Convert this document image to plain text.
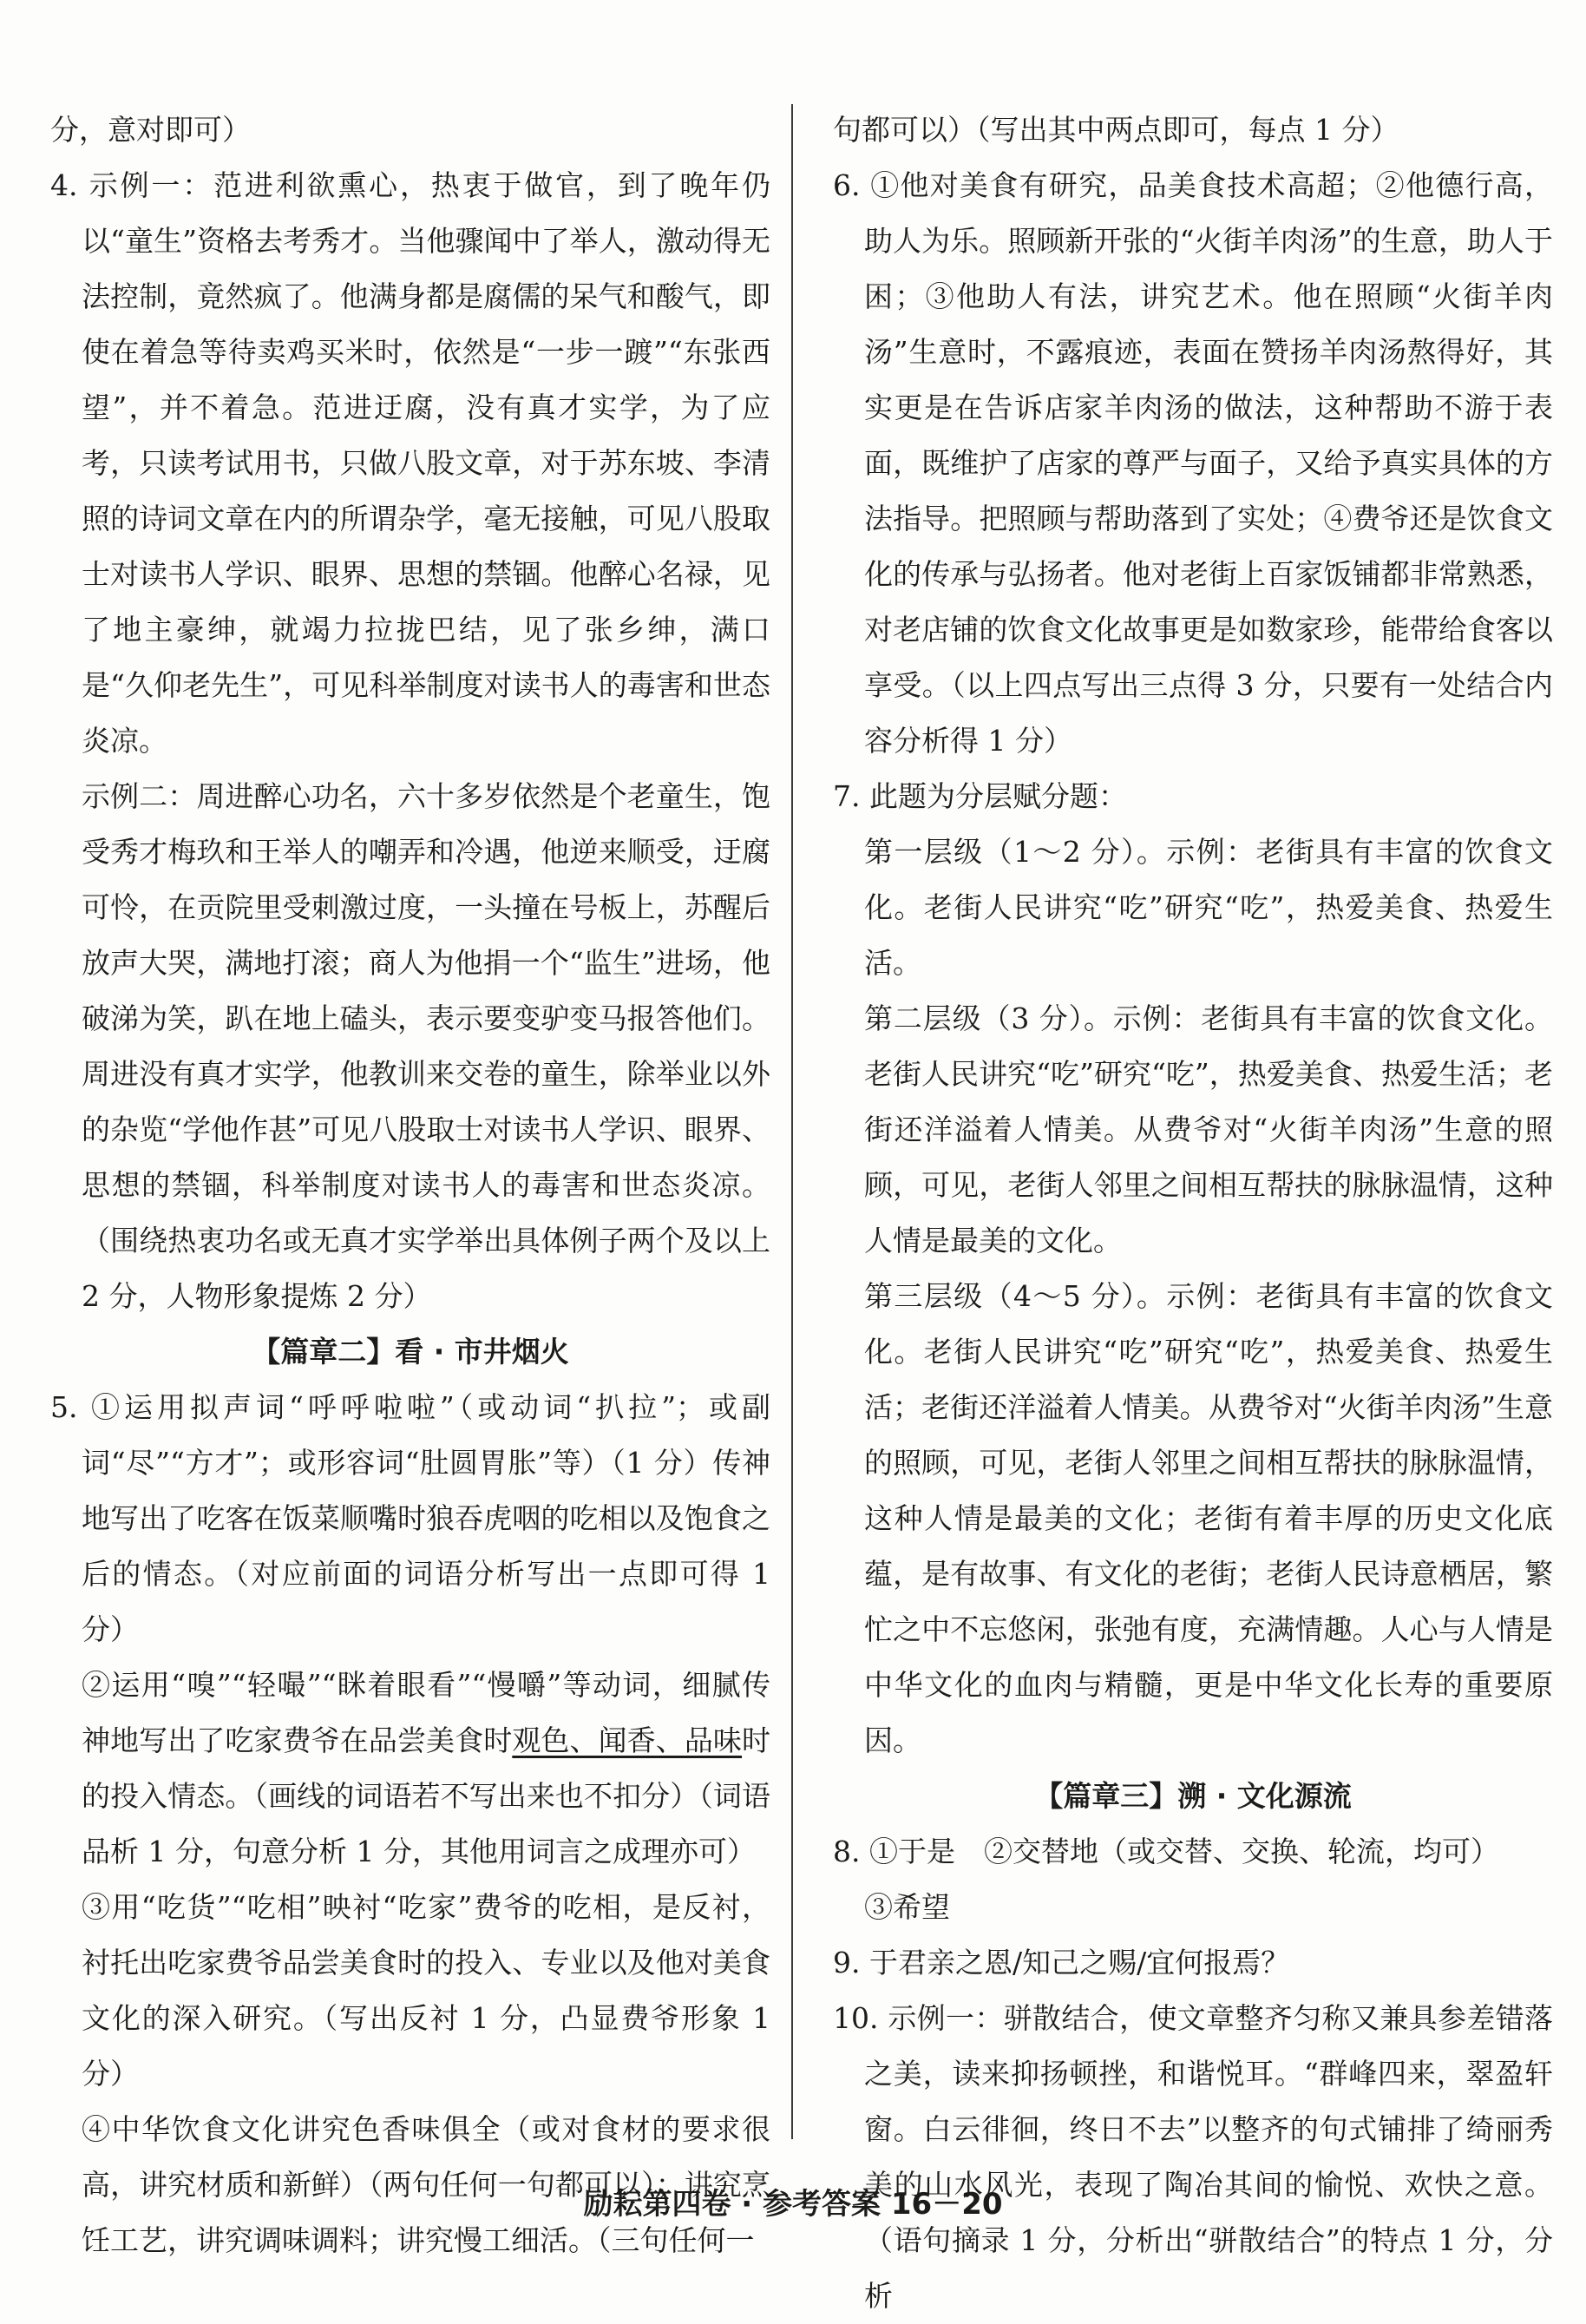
分，意对即可）

4. 示例一：范进利欲熏心，热衷于做官，到了晚年仍以“童生”资格去考秀才。当他骤闻中了举人，激动得无法控制，竟然疯了。他满身都是腐儒的呆气和酸气，即使在着急等待卖鸡买米时，依然是“一步一踱”“东张西望”，并不着急。范进迂腐，没有真才实学，为了应考，只读考试用书，只做八股文章，对于苏东坡、李清照的诗词文章在内的所谓杂学，毫无接触，可见八股取士对读书人学识、眼界、思想的禁锢。他醉心名禄，见了地主豪绅，就竭力拉拢巴结，见了张乡绅，满口是“久仰老先生”，可见科举制度对读书人的毒害和世态炎凉。

示例二：周进醉心功名，六十多岁依然是个老童生，饱受秀才梅玖和王举人的嘲弄和冷遇，他逆来顺受，迂腐可怜，在贡院里受刺激过度，一头撞在号板上，苏醒后放声大哭，满地打滚；商人为他捐一个“监生”进场，他破涕为笑，趴在地上磕头，表示要变驴变马报答他们。周进没有真才实学，他教训来交卷的童生，除举业以外的杂览“学他作甚”可见八股取士对读书人学识、眼界、思想的禁锢，科举制度对读书人的毒害和世态炎凉。（围绕热衷功名或无真才实学举出具体例子两个及以上 2 分，人物形象提炼 2 分）

【篇章二】看 · 市井烟火

5. ①运用拟声词“呼呼啦啦”（或动词“扒拉”；或副词“尽”“方才”；或形容词“肚圆胃胀”等）（1 分）传神地写出了吃客在饭菜顺嘴时狼吞虎咽的吃相以及饱食之后的情态。（对应前面的词语分析写出一点即可得 1 分）

②运用“嗅”“轻嘬”“眯着眼看”“慢嚼”等动词，细腻传神地写出了吃家费爷在品尝美食时观色、闻香、品味时的投入情态。（画线的词语若不写出来也不扣分）（词语品析 1 分，句意分析 1 分，其他用词言之成理亦可）

③用“吃货”“吃相”映衬“吃家”费爷的吃相，是反衬，衬托出吃家费爷品尝美食时的投入、专业以及他对美食文化的深入研究。（写出反衬 1 分，凸显费爷形象 1 分）

④中华饮食文化讲究色香味俱全（或对食材的要求很高，讲究材质和新鲜）（两句任何一句都可以）；讲究烹饪工艺，讲究调味调料；讲究慢工细活。（三句任何一

句都可以）（写出其中两点即可，每点 1 分）

6. ①他对美食有研究，品美食技术高超；②他德行高，助人为乐。照顾新开张的“火街羊肉汤”的生意，助人于困；③他助人有法，讲究艺术。他在照顾“火街羊肉汤”生意时，不露痕迹，表面在赞扬羊肉汤熬得好，其实更是在告诉店家羊肉汤的做法，这种帮助不游于表面，既维护了店家的尊严与面子，又给予真实具体的方法指导。把照顾与帮助落到了实处；④费爷还是饮食文化的传承与弘扬者。他对老街上百家饭铺都非常熟悉，对老店铺的饮食文化故事更是如数家珍，能带给食客以享受。（以上四点写出三点得 3 分，只要有一处结合内容分析得 1 分）

7. 此题为分层赋分题：

第一层级（1～2 分）。示例：老街具有丰富的饮食文化。老街人民讲究“吃”研究“吃”，热爱美食、热爱生活。

第二层级（3 分）。示例：老街具有丰富的饮食文化。老街人民讲究“吃”研究“吃”，热爱美食、热爱生活；老街还洋溢着人情美。从费爷对“火街羊肉汤”生意的照顾，可见，老街人邻里之间相互帮扶的脉脉温情，这种人情是最美的文化。

第三层级（4～5 分）。示例：老街具有丰富的饮食文化。老街人民讲究“吃”研究“吃”，热爱美食、热爱生活；老街还洋溢着人情美。从费爷对“火街羊肉汤”生意的照顾，可见，老街人邻里之间相互帮扶的脉脉温情，这种人情是最美的文化；老街有着丰厚的历史文化底蕴，是有故事、有文化的老街；老街人民诗意栖居，繁忙之中不忘悠闲，张弛有度，充满情趣。人心与人情是中华文化的血肉与精髓，更是中华文化长寿的重要原因。

【篇章三】溯 · 文化源流

8. ①于是　②交替地（或交替、交换、轮流，均可）

③希望

9. 于君亲之恩/知己之赐/宜何报焉？

10. 示例一：骈散结合，使文章整齐匀称又兼具参差错落之美，读来抑扬顿挫，和谐悦耳。“群峰四来，翠盈轩窗。白云徘徊，终日不去”以整齐的句式铺排了绮丽秀美的山水风光，表现了陶冶其间的愉悦、欢快之意。（语句摘录 1 分，分析出“骈散结合”的特点 1 分，分析

励耘第四卷 · 参考答案 16－20
